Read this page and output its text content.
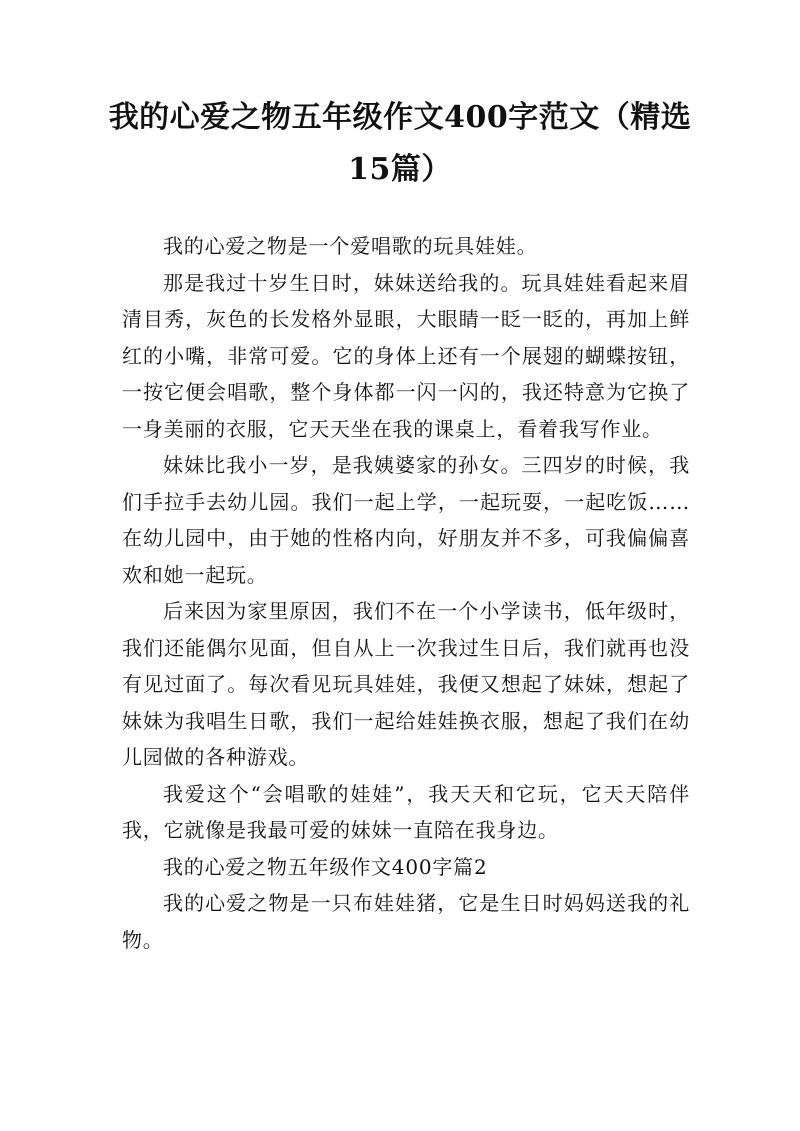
我的心爱之物五年级作文400字范文（精选15篇）

我的心爱之物是一个爱唱歌的玩具娃娃。

那是我过十岁生日时，妹妹送给我的。玩具娃娃看起来眉清目秀，灰色的长发格外显眼，大眼睛一眨一眨的，再加上鲜红的小嘴，非常可爱。它的身体上还有一个展翅的蝴蝶按钮，一按它便会唱歌，整个身体都一闪一闪的，我还特意为它换了一身美丽的衣服，它天天坐在我的课桌上，看着我写作业。

妹妹比我小一岁，是我姨婆家的孙女。三四岁的时候，我们手拉手去幼儿园。我们一起上学，一起玩耍，一起吃饭……在幼儿园中，由于她的性格内向，好朋友并不多，可我偏偏喜欢和她一起玩。

后来因为家里原因，我们不在一个小学读书，低年级时，我们还能偶尔见面，但自从上一次我过生日后，我们就再也没有见过面了。每次看见玩具娃娃，我便又想起了妹妹，想起了妹妹为我唱生日歌，我们一起给娃娃换衣服，想起了我们在幼儿园做的各种游戏。

我爱这个“会唱歌的娃娃”，我天天和它玩，它天天陪伴我，它就像是我最可爱的妹妹一直陪在我身边。

我的心爱之物五年级作文400字篇2

我的心爱之物是一只布娃娃猪，它是生日时妈妈送我的礼物。
